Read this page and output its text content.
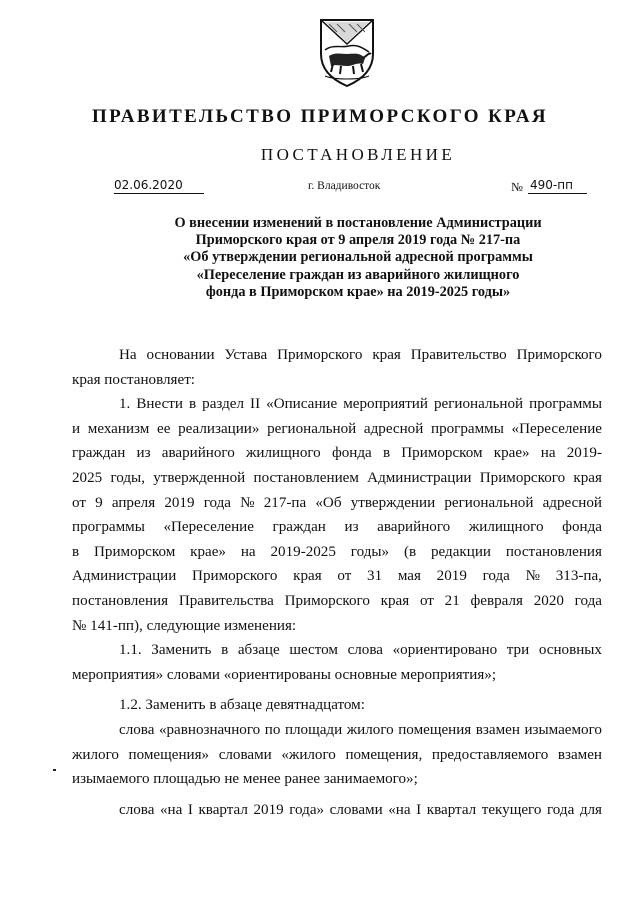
ПРАВИТЕЛЬСТВО ПРИМОРСКОГО КРАЯ
ПОСТАНОВЛЕНИЕ
02.06.2020	г. Владивосток	№ 490-пп
О внесении изменений в постановление Администрации
Приморского края от 9 апреля 2019 года № 217-па
«Об утверждении региональной адресной программы
«Переселение граждан из аварийного жилищного
фонда в Приморском крае» на 2019-2025 годы»
На основании Устава Приморского края Правительство Приморского
края постановляет:
1. Внести в раздел II «Описание мероприятий региональной программы
и механизм ее реализации» региональной адресной программы «Переселение
граждан из аварийного жилищного фонда в Приморском крае» на 2019-
2025 годы, утвержденной постановлением Администрации Приморского края
от 9 апреля 2019 года № 217-па «Об утверждении региональной адресной
программы «Переселение граждан из аварийного жилищного фонда
в Приморском крае» на 2019-2025 годы» (в редакции постановления
Администрации Приморского края от 31 мая 2019 года № 313-па,
постановления Правительства Приморского края от 21 февраля 2020 года
№ 141-пп), следующие изменения:
1.1. Заменить в абзаце шестом слова «ориентировано три основных
мероприятия» словами «ориентированы основные мероприятия»;
1.2. Заменить в абзаце девятнадцатом:
слова «равнозначного по площади жилого помещения взамен изымаемого
жилого помещения» словами «жилого помещения, предоставляемого взамен
изымаемого площадью не менее ранее занимаемого»;
слова «на I квартал 2019 года» словами «на I квартал текущего года для
